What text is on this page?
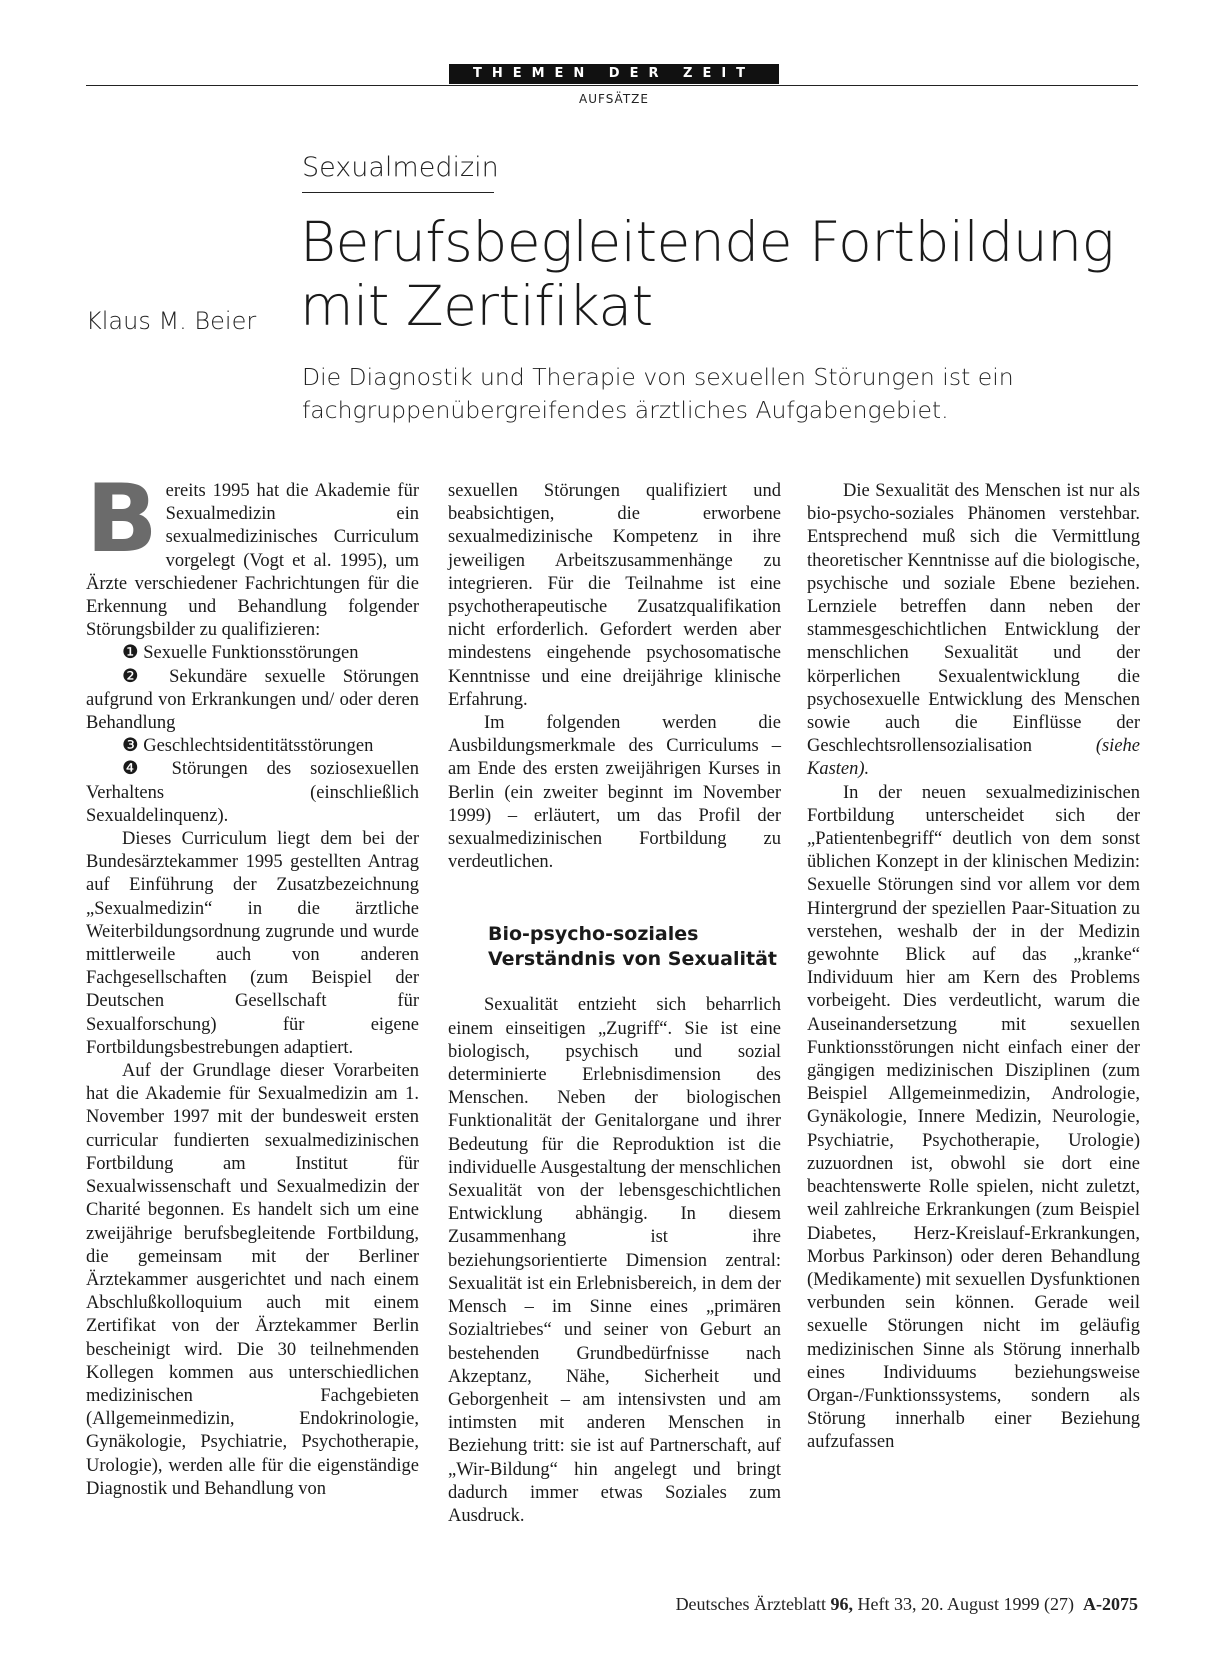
THEMEN DER ZEIT
AUFSÄTZE
Sexualmedizin
Berufsbegleitende Fortbildung
mit Zertifikat
Klaus M. Beier
Die Diagnostik und Therapie von sexuellen Störungen ist ein
fachgruppenübergreifendes ärztliches Aufgabengebiet.

Bereits 1995 hat die Akademie für Sexualmedizin ein sexualmedizinisches Curriculum vorgelegt (Vogt et al. 1995), um Ärzte verschiedener Fachrichtungen für die Erkennung und Behandlung folgender Störungsbilder zu qualifizieren:

❶ Sexuelle Funktionsstörungen

❷ Sekundäre sexuelle Störungen aufgrund von Erkrankungen und/ oder deren Behandlung

❸ Geschlechtsidentitätsstörungen

❹ Störungen des soziosexuellen Verhaltens (einschließlich Sexualdelinquenz).

Dieses Curriculum liegt dem bei der Bundesärztekammer 1995 gestellten Antrag auf Einführung der Zusatzbezeichnung „Sexualmedizin“ in die ärztliche Weiterbildungsordnung zugrunde und wurde mittlerweile auch von anderen Fachgesellschaften (zum Beispiel der Deutschen Gesellschaft für Sexualforschung) für eigene Fortbildungsbestrebungen adaptiert.

Auf der Grundlage dieser Vorarbeiten hat die Akademie für Sexualmedizin am 1. November 1997 mit der bundesweit ersten curricular fundierten sexualmedizinischen Fortbildung am Institut für Sexualwissenschaft und Sexualmedizin der Charité begonnen. Es handelt sich um eine zweijährige berufsbegleitende Fortbildung, die gemeinsam mit der Berliner Ärztekammer ausgerichtet und nach einem Abschlußkolloquium auch mit einem Zertifikat von der Ärztekammer Berlin bescheinigt wird. Die 30 teilnehmenden Kollegen kommen aus unterschiedlichen medizinischen Fachgebieten (Allgemeinmedizin, Endokrinologie, Gynäkologie, Psychiatrie, Psychotherapie, Urologie), werden alle für die eigenständige Diagnostik und Behandlung von

sexuellen Störungen qualifiziert und beabsichtigen, die erworbene sexualmedizinische Kompetenz in ihre jeweiligen Arbeitszusammenhänge zu integrieren. Für die Teilnahme ist eine psychotherapeutische Zusatzqualifikation nicht erforderlich. Gefordert werden aber mindestens eingehende psychosomatische Kenntnisse und eine dreijährige klinische Erfahrung.

Im folgenden werden die Ausbildungsmerkmale des Curriculums – am Ende des ersten zweijährigen Kurses in Berlin (ein zweiter beginnt im November 1999) – erläutert, um das Profil der sexualmedizinischen Fortbildung zu verdeutlichen.

Bio-psycho-soziales
Verständnis von Sexualität

Sexualität entzieht sich beharrlich einem einseitigen „Zugriff“. Sie ist eine biologisch, psychisch und sozial determinierte Erlebnisdimension des Menschen. Neben der biologischen Funktionalität der Genitalorgane und ihrer Bedeutung für die Reproduktion ist die individuelle Ausgestaltung der menschlichen Sexualität von der lebensgeschichtlichen Entwicklung abhängig. In diesem Zusammenhang ist ihre beziehungsorientierte Dimension zentral: Sexualität ist ein Erlebnisbereich, in dem der Mensch – im Sinne eines „primären Sozialtriebes“ und seiner von Geburt an bestehenden Grundbedürfnisse nach Akzeptanz, Nähe, Sicherheit und Geborgenheit – am intensivsten und am intimsten mit anderen Menschen in Beziehung tritt: sie ist auf Partnerschaft, auf „Wir-Bildung“ hin angelegt und bringt dadurch immer etwas Soziales zum Ausdruck.

Die Sexualität des Menschen ist nur als bio-psycho-soziales Phänomen verstehbar. Entsprechend muß sich die Vermittlung theoretischer Kenntnisse auf die biologische, psychische und soziale Ebene beziehen. Lernziele betreffen dann neben der stammesgeschichtlichen Entwicklung der menschlichen Sexualität und der körperlichen Sexualentwicklung die psychosexuelle Entwicklung des Menschen sowie auch die Einflüsse der Geschlechtsrollensozialisation	(siehe Kasten).

In der neuen sexualmedizinischen Fortbildung unterscheidet sich der „Patientenbegriff“ deutlich von dem sonst üblichen Konzept in der klinischen Medizin: Sexuelle Störungen sind vor allem vor dem Hintergrund der speziellen Paar-Situation zu verstehen, weshalb der in der Medizin gewohnte Blick auf das „kranke“ Individuum hier am Kern des Problems vorbeigeht. Dies verdeutlicht, warum die Auseinandersetzung mit sexuellen Funktionsstörungen nicht einfach einer der gängigen medizinischen Disziplinen (zum Beispiel Allgemeinmedizin, Andrologie, Gynäkologie, Innere Medizin, Neurologie, Psychiatrie, Psychotherapie, Urologie) zuzuordnen ist, obwohl sie dort eine beachtenswerte Rolle spielen, nicht zuletzt, weil zahlreiche Erkrankungen (zum Beispiel Diabetes, Herz-Kreislauf-Erkrankungen, Morbus Parkinson) oder deren Behandlung (Medikamente) mit sexuellen Dysfunktionen verbunden sein können. Gerade weil sexuelle Störungen nicht im geläufig medizinischen Sinne als Störung innerhalb eines Individuums beziehungsweise Organ-/Funktionssystems, sondern als Störung innerhalb einer Beziehung aufzufassen

Deutsches Ärzteblatt 96, Heft 33, 20. August 1999 (27) A-2075
